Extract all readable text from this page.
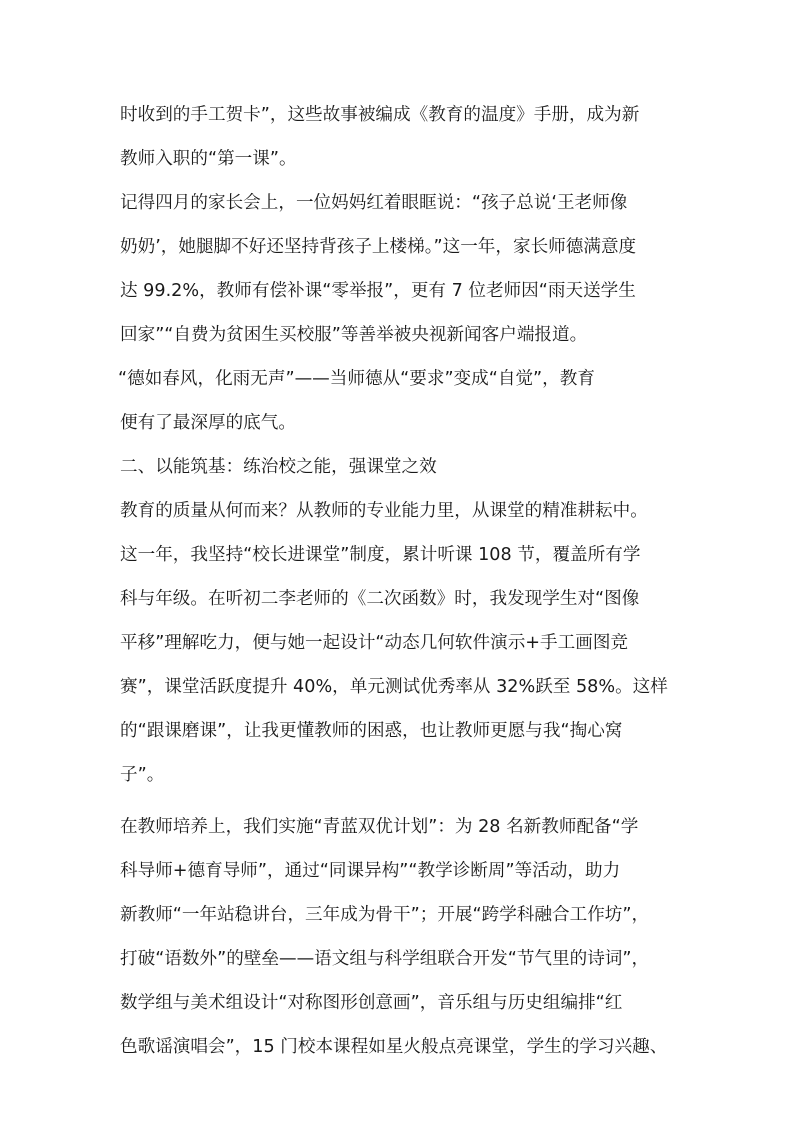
时收到的手工贺卡”，这些故事被编成《教育的温度》手册，成为新
教师入职的“第一课”。
记得四月的家长会上，一位妈妈红着眼眶说：“孩子总说‘王老师像
奶奶’，她腿脚不好还坚持背孩子上楼梯。”这一年，家长师德满意度
达 99.2%，教师有偿补课“零举报”，更有 7 位老师因“雨天送学生
回家”“自费为贫困生买校服”等善举被央视新闻客户端报道。
“德如春风，化雨无声”——当师德从“要求”变成“自觉”，教育
便有了最深厚的底气。
二、以能筑基：练治校之能，强课堂之效
教育的质量从何而来？从教师的专业能力里，从课堂的精准耕耘中。
这一年，我坚持“校长进课堂”制度，累计听课 108 节，覆盖所有学
科与年级。在听初二李老师的《二次函数》时，我发现学生对“图像
平移”理解吃力，便与她一起设计“动态几何软件演示+手工画图竞
赛”，课堂活跃度提升 40%，单元测试优秀率从 32%跃至 58%。这样
的“跟课磨课”，让我更懂教师的困惑，也让教师更愿与我“掏心窝
子”。
在教师培养上，我们实施“青蓝双优计划”：为 28 名新教师配备“学
科导师+德育导师”，通过“同课异构”“教学诊断周”等活动，助力
新教师“一年站稳讲台，三年成为骨干”；开展“跨学科融合工作坊”，
打破“语数外”的壁垒——语文组与科学组联合开发“节气里的诗词”，
数学组与美术组设计“对称图形创意画”，音乐组与历史组编排“红
色歌谣演唱会”，15 门校本课程如星火般点亮课堂，学生的学习兴趣、
